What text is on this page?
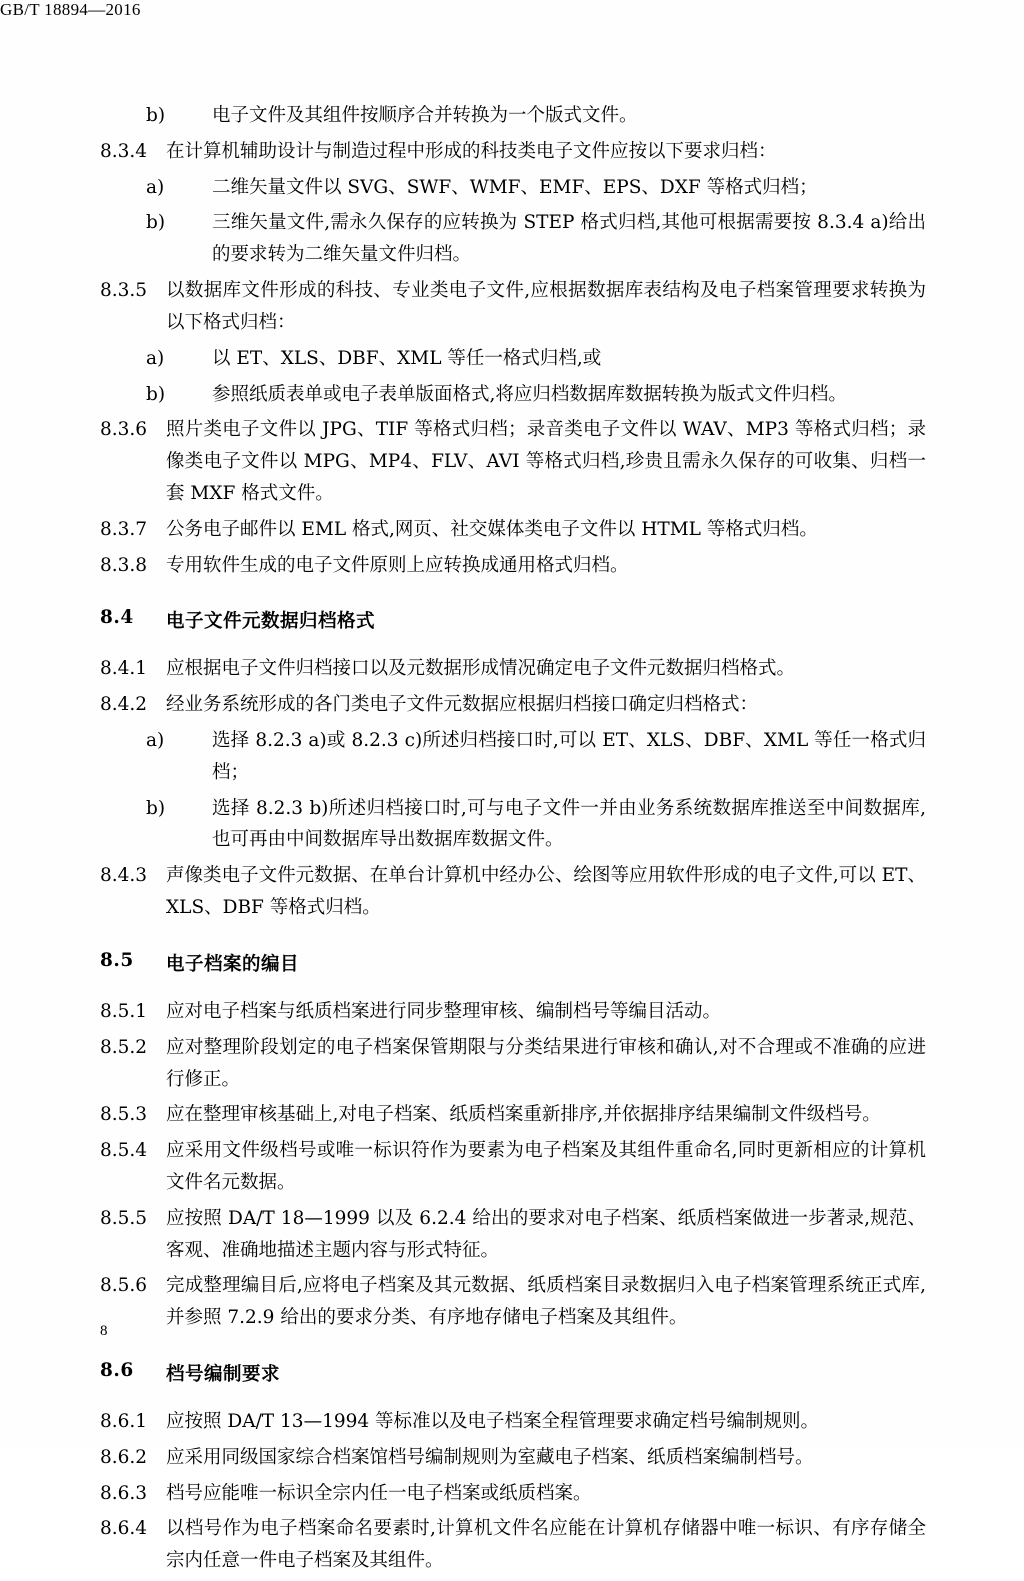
GB/T 18894—2016
b)	电子文件及其组件按顺序合并转换为一个版式文件。
8.3.4	在计算机辅助设计与制造过程中形成的科技类电子文件应按以下要求归档：
a)	二维矢量文件以 SVG、SWF、WMF、EMF、EPS、DXF 等格式归档；
b)	三维矢量文件,需永久保存的应转换为 STEP 格式归档,其他可根据需要按 8.3.4 a)给出的要求转为二维矢量文件归档。
8.3.5	以数据库文件形成的科技、专业类电子文件,应根据数据库表结构及电子档案管理要求转换为以下格式归档：
a)	以 ET、XLS、DBF、XML 等任一格式归档,或
b)	参照纸质表单或电子表单版面格式,将应归档数据库数据转换为版式文件归档。
8.3.6	照片类电子文件以 JPG、TIF 等格式归档；录音类电子文件以 WAV、MP3 等格式归档；录像类电子文件以 MPG、MP4、FLV、AVI 等格式归档,珍贵且需永久保存的可收集、归档一套 MXF 格式文件。
8.3.7	公务电子邮件以 EML 格式,网页、社交媒体类电子文件以 HTML 等格式归档。
8.3.8	专用软件生成的电子文件原则上应转换成通用格式归档。
8.4 电子文件元数据归档格式
8.4.1	应根据电子文件归档接口以及元数据形成情况确定电子文件元数据归档格式。
8.4.2	经业务系统形成的各门类电子文件元数据应根据归档接口确定归档格式：
a)	选择 8.2.3 a)或 8.2.3 c)所述归档接口时,可以 ET、XLS、DBF、XML 等任一格式归档；
b)	选择 8.2.3 b)所述归档接口时,可与电子文件一并由业务系统数据库推送至中间数据库,也可再由中间数据库导出数据库数据文件。
8.4.3	声像类电子文件元数据、在单台计算机中经办公、绘图等应用软件形成的电子文件,可以 ET、XLS、DBF 等格式归档。
8.5 电子档案的编目
8.5.1	应对电子档案与纸质档案进行同步整理审核、编制档号等编目活动。
8.5.2	应对整理阶段划定的电子档案保管期限与分类结果进行审核和确认,对不合理或不准确的应进行修正。
8.5.3	应在整理审核基础上,对电子档案、纸质档案重新排序,并依据排序结果编制文件级档号。
8.5.4	应采用文件级档号或唯一标识符作为要素为电子档案及其组件重命名,同时更新相应的计算机文件名元数据。
8.5.5	应按照 DA/T 18—1999 以及 6.2.4 给出的要求对电子档案、纸质档案做进一步著录,规范、客观、准确地描述主题内容与形式特征。
8.5.6	完成整理编目后,应将电子档案及其元数据、纸质档案目录数据归入电子档案管理系统正式库,并参照 7.2.9 给出的要求分类、有序地存储电子档案及其组件。
8.6 档号编制要求
8.6.1	应按照 DA/T 13—1994 等标准以及电子档案全程管理要求确定档号编制规则。
8.6.2	应采用同级国家综合档案馆档号编制规则为室藏电子档案、纸质档案编制档号。
8.6.3	档号应能唯一标识全宗内任一电子档案或纸质档案。
8.6.4	以档号作为电子档案命名要素时,计算机文件名应能在计算机存储器中唯一标识、有序存储全宗内任意一件电子档案及其组件。
8
